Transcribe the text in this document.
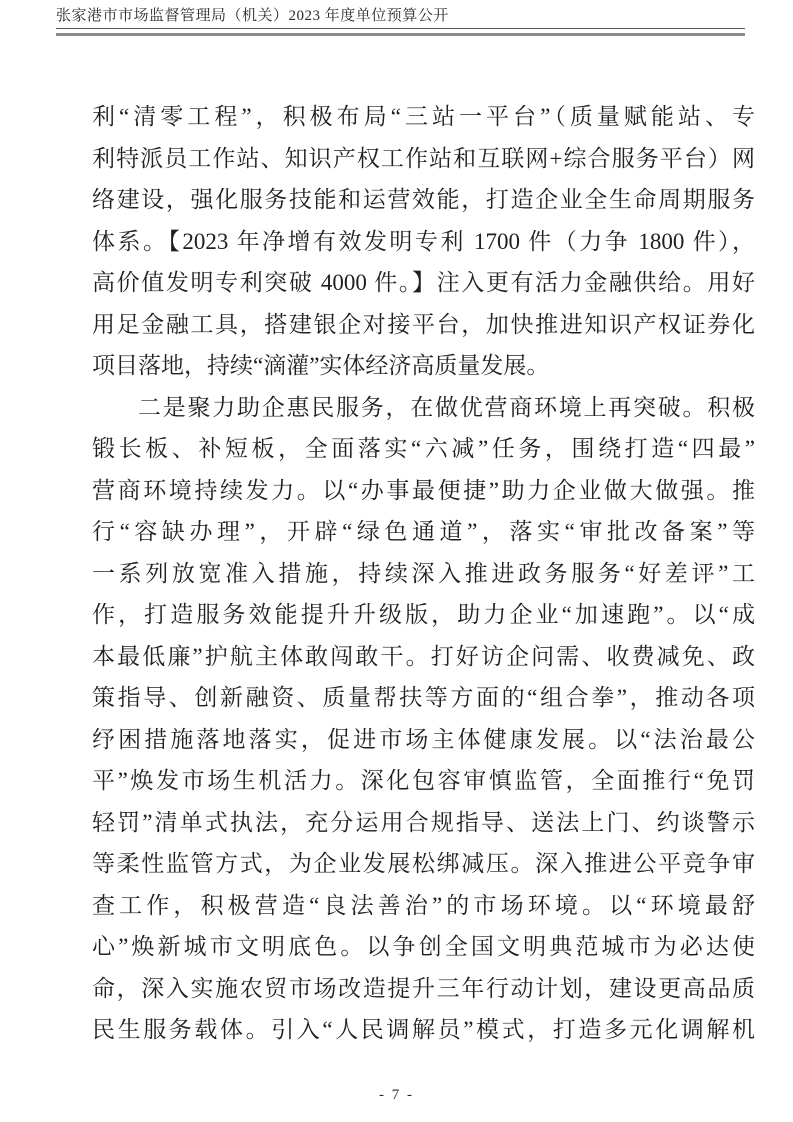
张家港市市场监督管理局（机关）2023 年度单位预算公开
利“清零工程”，积极布局“三站一平台”（质量赋能站、专
利特派员工作站、知识产权工作站和互联网+综合服务平台）网
络建设，强化服务技能和运营效能，打造企业全生命周期服务
体系。【2023 年净增有效发明专利 1700 件（力争 1800 件），
高价值发明专利突破 4000 件。】注入更有活力金融供给。用好
用足金融工具，搭建银企对接平台，加快推进知识产权证券化
项目落地，持续“滴灌”实体经济高质量发展。
二是聚力助企惠民服务，在做优营商环境上再突破。积极
锻长板、补短板，全面落实“六减”任务，围绕打造“四最”
营商环境持续发力。以“办事最便捷”助力企业做大做强。推
行“容缺办理”，开辟“绿色通道”，落实“审批改备案”等
一系列放宽准入措施，持续深入推进政务服务“好差评”工
作，打造服务效能提升升级版，助力企业“加速跑”。以“成
本最低廉”护航主体敢闯敢干。打好访企问需、收费减免、政
策指导、创新融资、质量帮扶等方面的“组合拳”，推动各项
纾困措施落地落实，促进市场主体健康发展。以“法治最公
平”焕发市场生机活力。深化包容审慎监管，全面推行“免罚
轻罚”清单式执法，充分运用合规指导、送法上门、约谈警示
等柔性监管方式，为企业发展松绑减压。深入推进公平竞争审
查工作，积极营造“良法善治”的市场环境。以“环境最舒
心”焕新城市文明底色。以争创全国文明典范城市为必达使
命，深入实施农贸市场改造提升三年行动计划，建设更高品质
民生服务载体。引入“人民调解员”模式，打造多元化调解机
- 7 -
